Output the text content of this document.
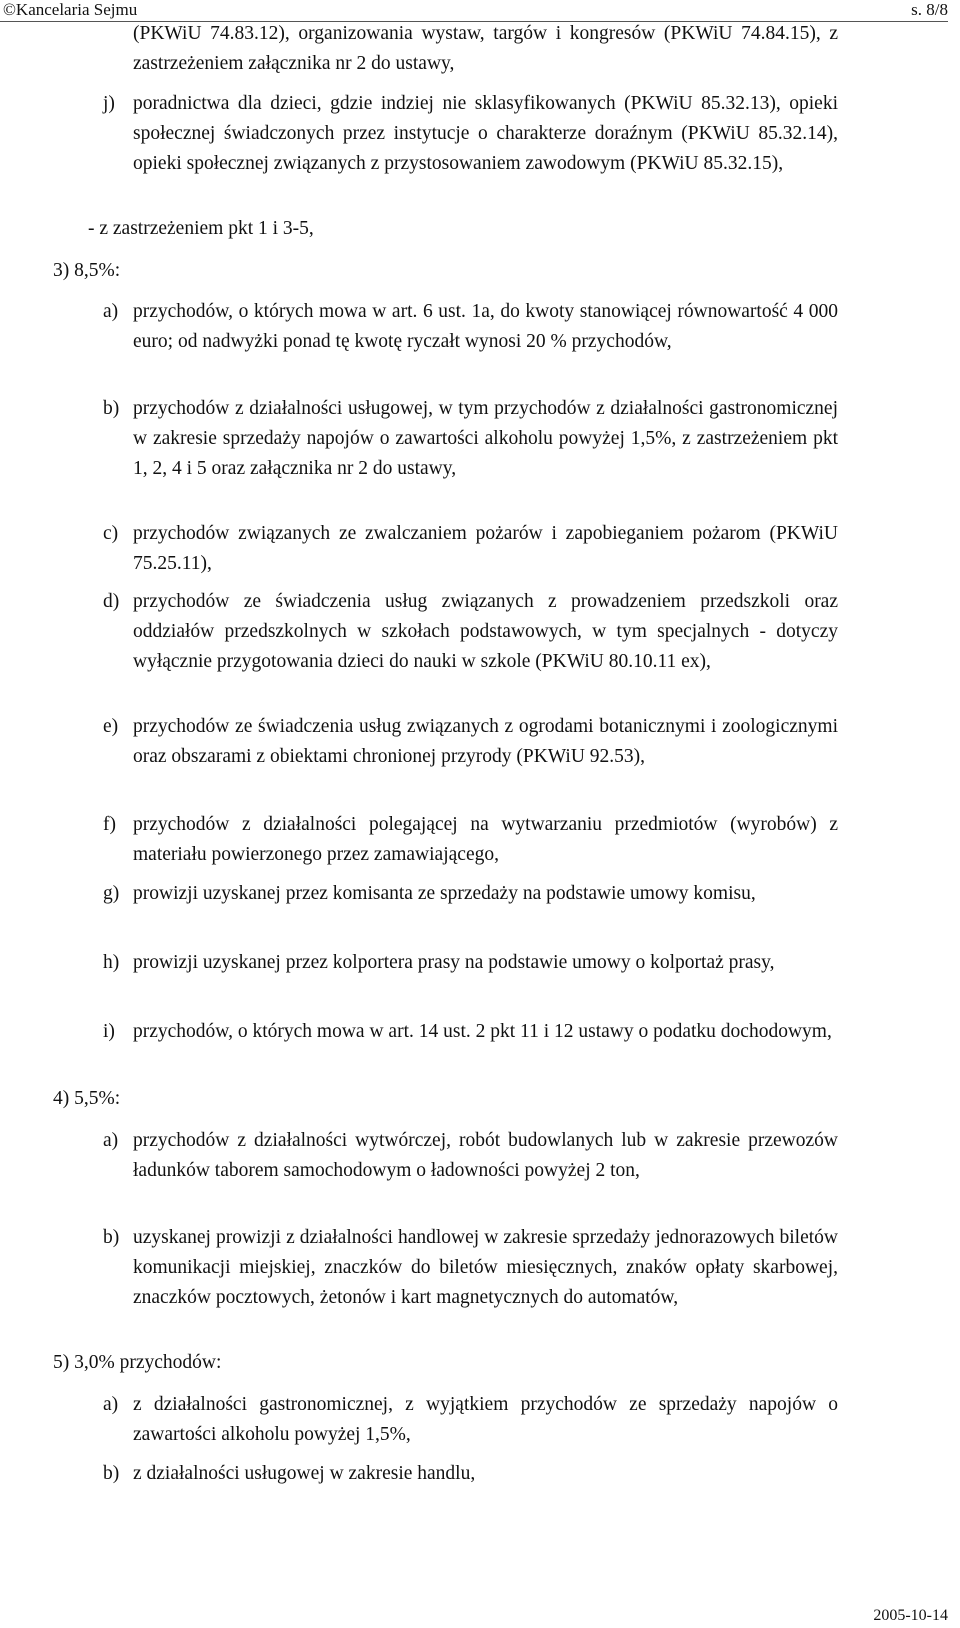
©Kancelaria Sejmu	s. 8/8
(PKWiU 74.83.12), organizowania wystaw, targów i kongresów (PKWiU 74.84.15), z zastrzeżeniem załącznika nr 2 do ustawy,
j) poradnictwa dla dzieci, gdzie indziej nie sklasyfikowanych (PKWiU 85.32.13), opieki społecznej świadczonych przez instytucje o charakterze doraźnym (PKWiU 85.32.14), opieki społecznej związanych z przystosowaniem zawodowym (PKWiU 85.32.15),
- z zastrzeżeniem pkt 1 i 3-5,
3) 8,5%:
a) przychodów, o których mowa w art. 6 ust. 1a, do kwoty stanowiącej równowartość 4 000 euro; od nadwyżki ponad tę kwotę ryczałt wynosi 20 % przychodów,
b) przychodów z działalności usługowej, w tym przychodów z działalności gastronomicznej w zakresie sprzedaży napojów o zawartości alkoholu powyżej 1,5%, z zastrzeżeniem pkt 1, 2, 4 i 5 oraz załącznika nr 2 do ustawy,
c) przychodów związanych ze zwalczaniem pożarów i zapobieganiem pożarom (PKWiU 75.25.11),
d) przychodów ze świadczenia usług związanych z prowadzeniem przedszkoli oraz oddziałów przedszkolnych w szkołach podstawowych, w tym specjalnych - dotyczy wyłącznie przygotowania dzieci do nauki w szkole (PKWiU 80.10.11 ex),
e) przychodów ze świadczenia usług związanych z ogrodami botanicznymi i zoologicznymi oraz obszarami z obiektami chronionej przyrody (PKWiU 92.53),
f) przychodów z działalności polegającej na wytwarzaniu przedmiotów (wyrobów) z materiału powierzonego przez zamawiającego,
g) prowizji uzyskanej przez komisanta ze sprzedaży na podstawie umowy komisu,
h) prowizji uzyskanej przez kolportera prasy na podstawie umowy o kolportaż prasy,
i) przychodów, o których mowa w art. 14 ust. 2 pkt 11 i 12 ustawy o podatku dochodowym,
4) 5,5%:
a) przychodów z działalności wytwórczej, robót budowlanych lub w zakresie przewozów ładunków taborem samochodowym o ładowności powyżej 2 ton,
b) uzyskanej prowizji z działalności handlowej w zakresie sprzedaży jednorazowych biletów komunikacji miejskiej, znaczków do biletów miesięcznych, znaków opłaty skarbowej, znaczków pocztowych, żetonów i kart magnetycznych do automatów,
5) 3,0% przychodów:
a) z działalności gastronomicznej, z wyjątkiem przychodów ze sprzedaży napojów o zawartości alkoholu powyżej 1,5%,
b) z działalności usługowej w zakresie handlu,
2005-10-14
